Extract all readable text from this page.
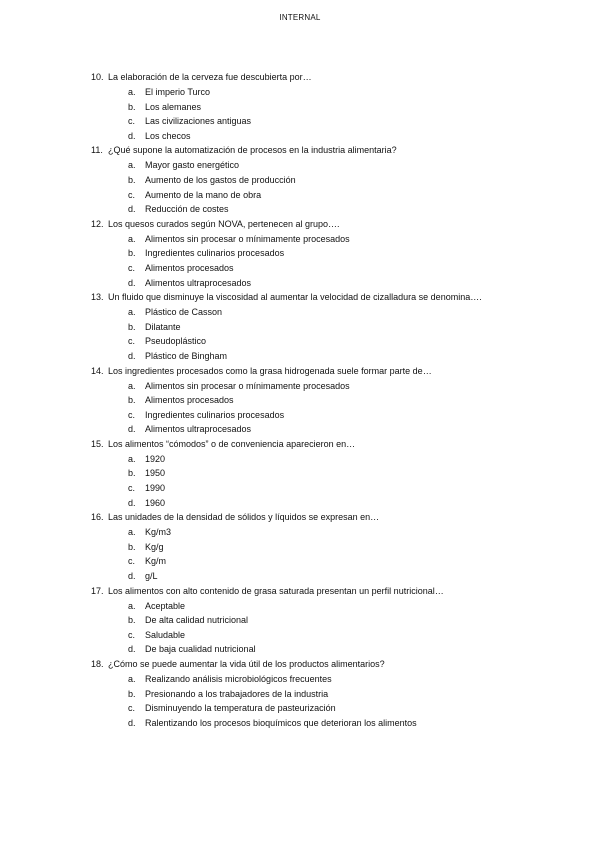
INTERNAL
10. La elaboración de la cerveza fue descubierta por…
a. El imperio Turco
b. Los alemanes
c. Las civilizaciones antiguas
d. Los checos
11. ¿Qué supone la automatización de procesos en la industria alimentaria?
a. Mayor gasto energético
b. Aumento de los gastos de producción
c. Aumento de la mano de obra
d. Reducción de costes
12. Los quesos curados según NOVA, pertenecen al grupo….
a. Alimentos sin procesar o mínimamente procesados
b. Ingredientes culinarios procesados
c. Alimentos procesados
d. Alimentos ultraprocesados
13. Un fluido que disminuye la viscosidad al aumentar la velocidad de cizalladura se denomina….
a. Plástico de Casson
b. Dilatante
c. Pseudoplástico
d. Plástico de Bingham
14. Los ingredientes procesados como la grasa hidrogenada suele formar parte de…
a. Alimentos sin procesar o mínimamente procesados
b. Alimentos procesados
c. Ingredientes culinarios procesados
d. Alimentos ultraprocesados
15. Los alimentos “cómodos” o de conveniencia aparecieron en…
a. 1920
b. 1950
c. 1990
d. 1960
16. Las unidades de la densidad de sólidos y líquidos se expresan en…
a. Kg/m3
b. Kg/g
c. Kg/m
d. g/L
17. Los alimentos con alto contenido de grasa saturada presentan un perfil nutricional…
a. Aceptable
b. De alta calidad nutricional
c. Saludable
d. De baja cualidad nutricional
18. ¿Cómo se puede aumentar la vida útil de los productos alimentarios?
a. Realizando análisis microbiológicos frecuentes
b. Presionando a los trabajadores de la industria
c. Disminuyendo la temperatura de pasteurización
d. Ralentizando los procesos bioquímicos que deterioran los alimentos
